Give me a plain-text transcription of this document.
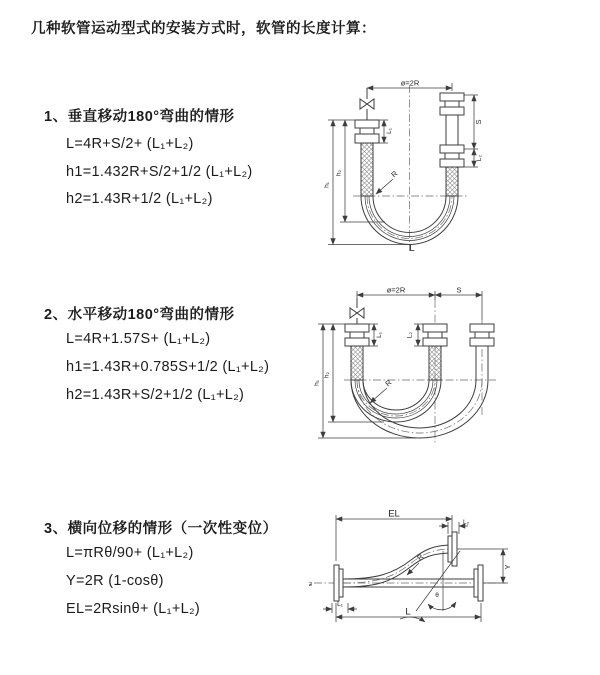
几种软管运动型式的安装方式时，软管的长度计算：
1、垂直移动180°弯曲的情形
L=4R+S/2+ (L₁+L₂)
h1=1.432R+S/2+1/2 (L₁+L₂)
h2=1.43R+1/2 (L₁+L₂)
ø=2R
S
L₂
L₁
h₁
h₂	R
L
2、水平移动180°弯曲的情形
L=4R+1.57S+ (L₁+L₂)
h1=1.43R+0.785S+1/2 (L₁+L₂)
h2=1.43R+S/2+1/2 (L₁+L₂)
ø=2R	S
L₁	L₂
h₁
h₂
R
3、横向位移的情形（一次性变位）
L=πRθ/90+ (L₁+L₂)
Y=2R (1-cosθ)
EL=2Rsinθ+ (L₁+L₂)
EL
L₂
Y
L
L₁
θ
R
ƶ
